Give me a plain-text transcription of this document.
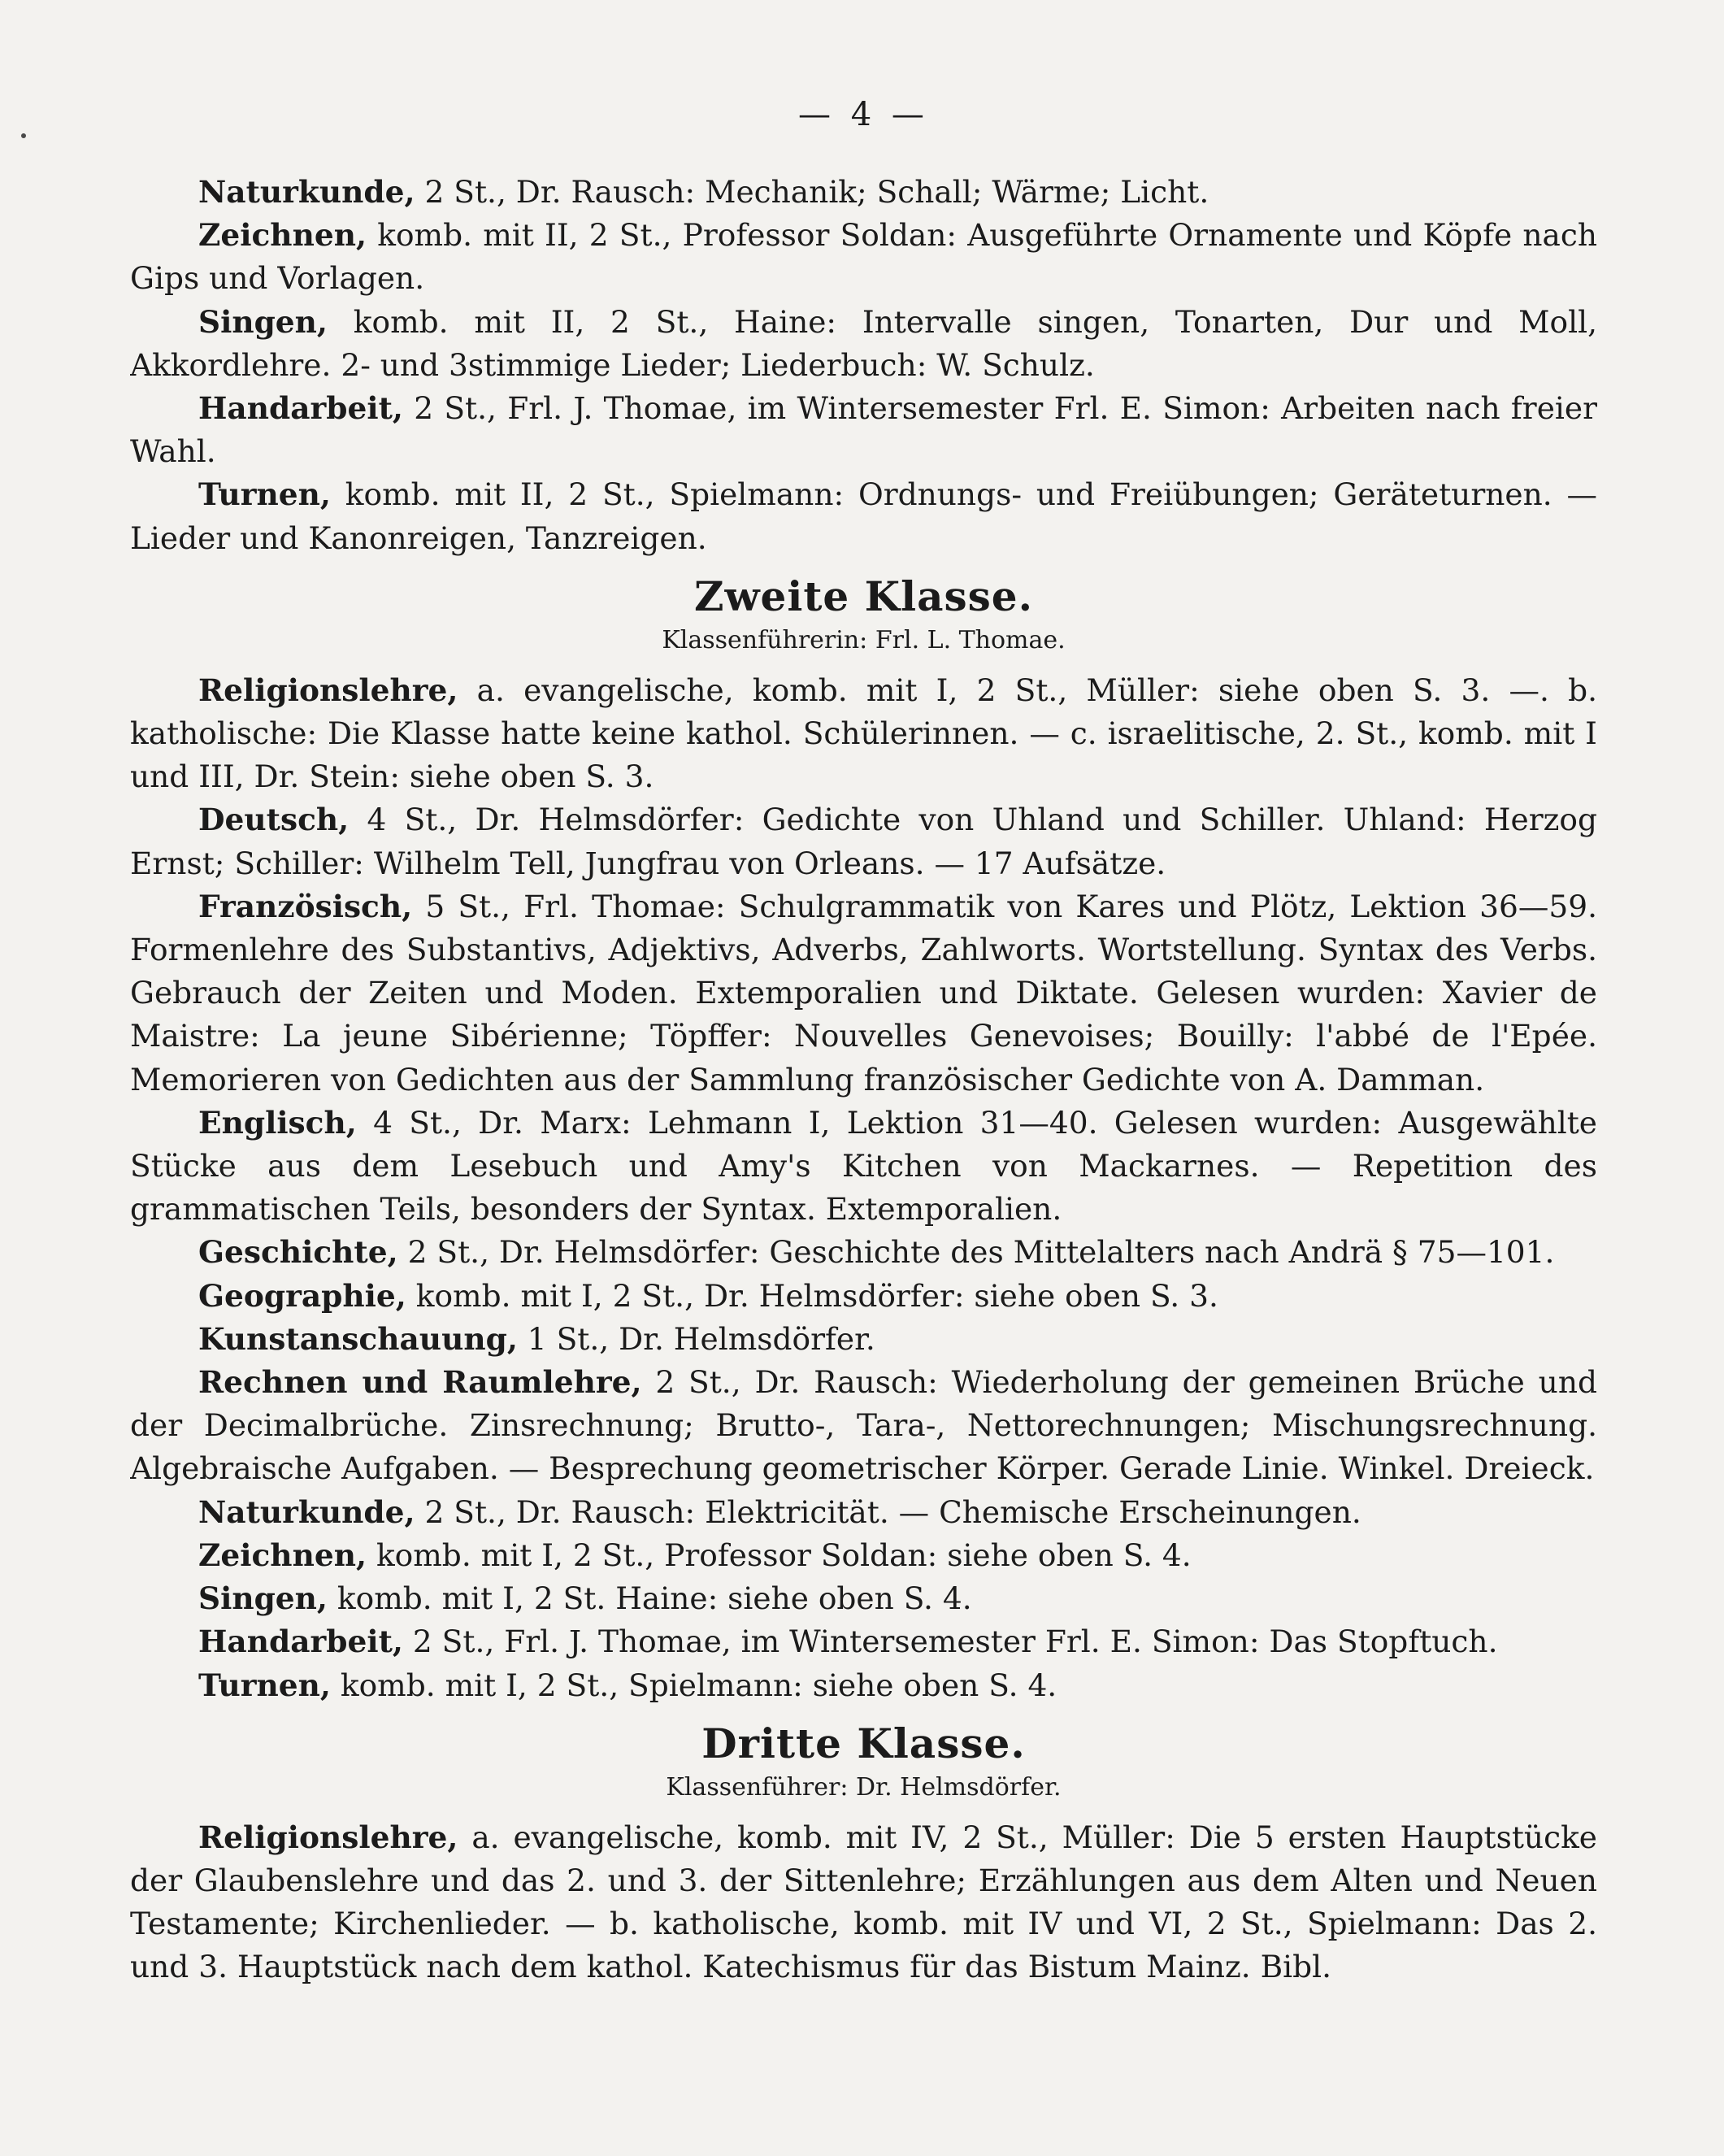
— 4 —

Naturkunde, 2 St., Dr. Rausch: Mechanik; Schall; Wärme; Licht.

Zeichnen, komb. mit II, 2 St., Professor Soldan: Ausgeführte Ornamente und Köpfe nach Gips und Vorlagen.

Singen, komb. mit II, 2 St., Haine: Intervalle singen, Tonarten, Dur und Moll, Akkordlehre. 2- und 3stimmige Lieder; Liederbuch: W. Schulz.

Handarbeit, 2 St., Frl. J. Thomae, im Wintersemester Frl. E. Simon: Arbeiten nach freier Wahl.

Turnen, komb. mit II, 2 St., Spielmann: Ordnungs- und Freiübungen; Geräteturnen. — Lieder und Kanonreigen, Tanzreigen.

Zweite Klasse.

Klassenführerin: Frl. L. Thomae.

Religionslehre, a. evangelische, komb. mit I, 2 St., Müller: siehe oben S. 3. —. b. katholische: Die Klasse hatte keine kathol. Schülerinnen. — c. israelitische, 2. St., komb. mit I und III, Dr. Stein: siehe oben S. 3.

Deutsch, 4 St., Dr. Helmsdörfer: Gedichte von Uhland und Schiller. Uhland: Herzog Ernst; Schiller: Wilhelm Tell, Jungfrau von Orleans. — 17 Aufsätze.

Französisch, 5 St., Frl. Thomae: Schulgrammatik von Kares und Plötz, Lektion 36—59. Formenlehre des Substantivs, Adjektivs, Adverbs, Zahlworts. Wortstellung. Syntax des Verbs. Gebrauch der Zeiten und Moden. Extemporalien und Diktate. Gelesen wurden: Xavier de Maistre: La jeune Sibérienne; Töpffer: Nouvelles Genevoises; Bouilly: l'abbé de l'Epée. Memorieren von Gedichten aus der Sammlung französischer Gedichte von A. Damman.

Englisch, 4 St., Dr. Marx: Lehmann I, Lektion 31—40. Gelesen wurden: Ausgewählte Stücke aus dem Lesebuch und Amy's Kitchen von Mackarnes. — Repetition des grammatischen Teils, besonders der Syntax. Extemporalien.

Geschichte, 2 St., Dr. Helmsdörfer: Geschichte des Mittelalters nach Andrä § 75—101.

Geographie, komb. mit I, 2 St., Dr. Helmsdörfer: siehe oben S. 3.

Kunstanschauung, 1 St., Dr. Helmsdörfer.

Rechnen und Raumlehre, 2 St., Dr. Rausch: Wiederholung der gemeinen Brüche und der Decimalbrüche. Zinsrechnung; Brutto-, Tara-, Nettorechnungen; Mischungsrechnung. Algebraische Aufgaben. — Besprechung geometrischer Körper. Gerade Linie. Winkel. Dreieck.

Naturkunde, 2 St., Dr. Rausch: Elektricität. — Chemische Erscheinungen.

Zeichnen, komb. mit I, 2 St., Professor Soldan: siehe oben S. 4.

Singen, komb. mit I, 2 St. Haine: siehe oben S. 4.

Handarbeit, 2 St., Frl. J. Thomae, im Wintersemester Frl. E. Simon: Das Stopftuch.

Turnen, komb. mit I, 2 St., Spielmann: siehe oben S. 4.

Dritte Klasse.

Klassenführer: Dr. Helmsdörfer.

Religionslehre, a. evangelische, komb. mit IV, 2 St., Müller: Die 5 ersten Hauptstücke der Glaubenslehre und das 2. und 3. der Sittenlehre; Erzählungen aus dem Alten und Neuen Testamente; Kirchenlieder. — b. katholische, komb. mit IV und VI, 2 St., Spielmann: Das 2. und 3. Hauptstück nach dem kathol. Katechismus für das Bistum Mainz. Bibl.
